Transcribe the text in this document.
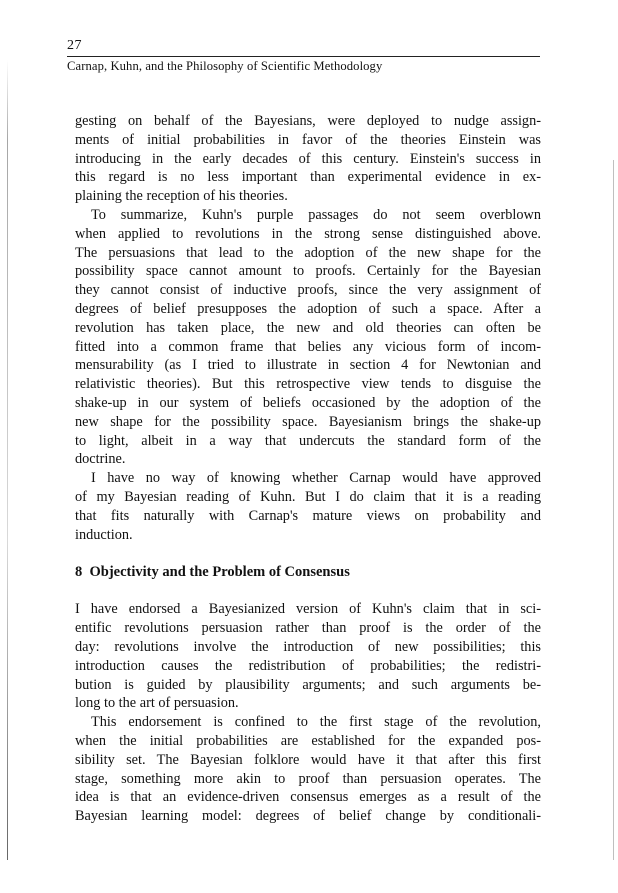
27
Carnap, Kuhn, and the Philosophy of Scientific Methodology
gesting on behalf of the Bayesians, were deployed to nudge assign-
ments of initial probabilities in favor of the theories Einstein was
introducing in the early decades of this century. Einstein's success in
this regard is no less important than experimental evidence in ex-
plaining the reception of his theories.
To summarize, Kuhn's purple passages do not seem overblown
when applied to revolutions in the strong sense distinguished above.
The persuasions that lead to the adoption of the new shape for the
possibility space cannot amount to proofs. Certainly for the Bayesian
they cannot consist of inductive proofs, since the very assignment of
degrees of belief presupposes the adoption of such a space. After a
revolution has taken place, the new and old theories can often be
fitted into a common frame that belies any vicious form of incom-
mensurability (as I tried to illustrate in section 4 for Newtonian and
relativistic theories). But this retrospective view tends to disguise the
shake-up in our system of beliefs occasioned by the adoption of the
new shape for the possibility space. Bayesianism brings the shake-up
to light, albeit in a way that undercuts the standard form of the
doctrine.
I have no way of knowing whether Carnap would have approved
of my Bayesian reading of Kuhn. But I do claim that it is a reading
that fits naturally with Carnap's mature views on probability and
induction.
8 Objectivity and the Problem of Consensus
I have endorsed a Bayesianized version of Kuhn's claim that in sci-
entific revolutions persuasion rather than proof is the order of the
day: revolutions involve the introduction of new possibilities; this
introduction causes the redistribution of probabilities; the redistri-
bution is guided by plausibility arguments; and such arguments be-
long to the art of persuasion.
This endorsement is confined to the first stage of the revolution,
when the initial probabilities are established for the expanded pos-
sibility set. The Bayesian folklore would have it that after this first
stage, something more akin to proof than persuasion operates. The
idea is that an evidence-driven consensus emerges as a result of the
Bayesian learning model: degrees of belief change by conditionali-
